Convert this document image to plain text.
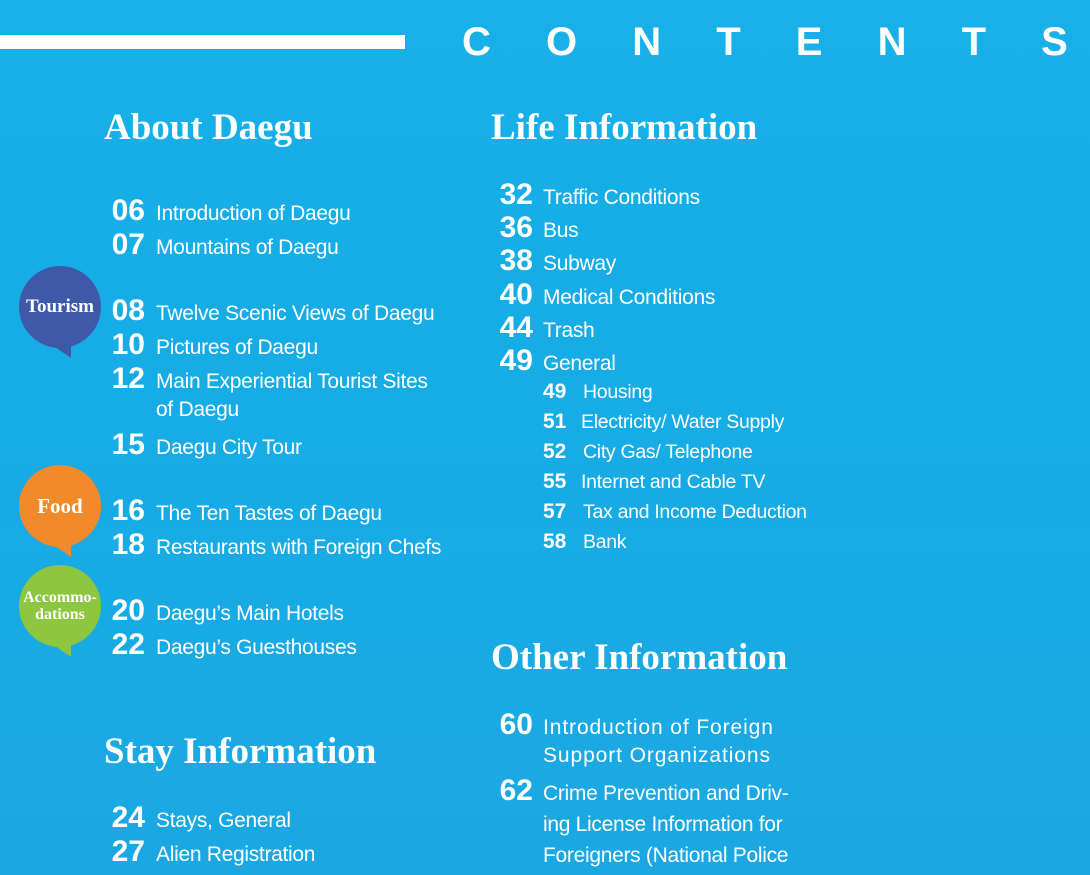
C O N T E N T S
About Daegu	Life Information
Stay Information
Other Information
Tourism
Food
Accommo-
dations
06 Introduction of Daegu
07 Mountains of Daegu
08 Twelve Scenic Views of Daegu
10 Pictures of Daegu
12 Main Experiential Tourist Sites
of Daegu
15 Daegu City Tour
16 The Ten Tastes of Daegu
18 Restaurants with Foreign Chefs
20 Daegu’s Main Hotels
22 Daegu’s Guesthouses
24 Stays, General
27 Alien Registration
32 Traffic Conditions
36 Bus
38 Subway
40 Medical Conditions
44 Trash
49 General
49 Housing
51 Electricity/ Water Supply
52 City Gas/ Telephone
55 Internet and Cable TV
57 Tax and Income Deduction
58 Bank
60 Introduction of Foreign
Support Organizations
62 Crime Prevention and Driv-
ing License Information for
Foreigners (National Police
